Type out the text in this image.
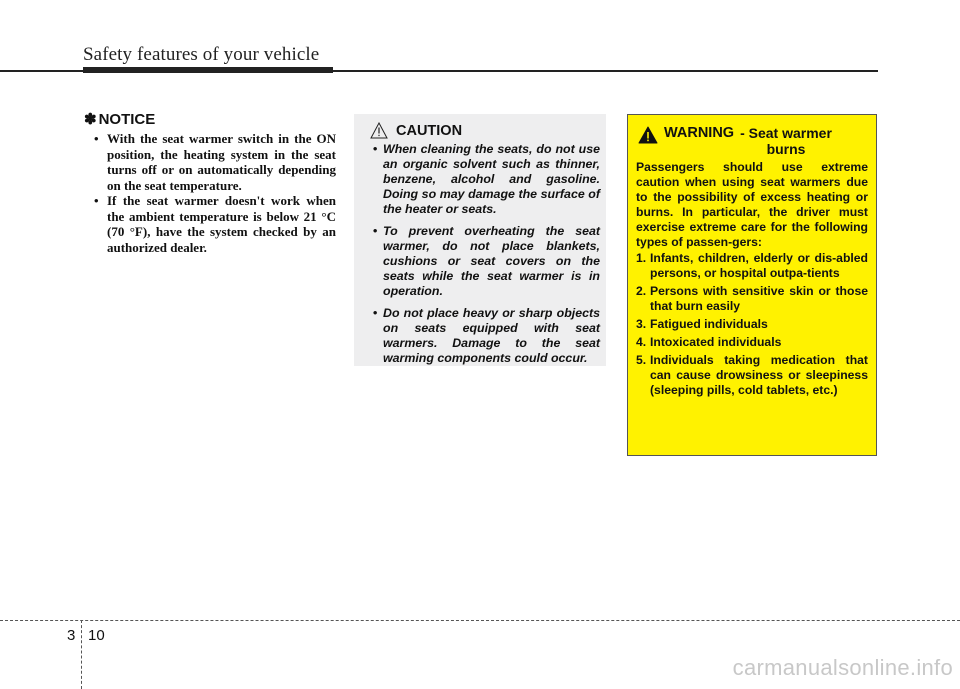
Safety features of your vehicle
✽ NOTICE
• With the seat warmer switch in the ON position, the heating system in the seat turns off or on automatically depending on the seat temperature.
• If the seat warmer doesn't work when the ambient temperature is below 21 °C (70 °F), have the system checked by an authorized dealer.
CAUTION
• When cleaning the seats, do not use an organic solvent such as thinner, benzene, alcohol and gasoline. Doing so may damage the surface of the heater or seats.
• To prevent overheating the seat warmer, do not place blankets, cushions or seat covers on the seats while the seat warmer is in operation.
• Do not place heavy or sharp objects on seats equipped with seat warmers. Damage to the seat warming components could occur.
WARNING - Seat warmer
burns

Passengers should use extreme caution when using seat warmers due to the possibility of excess heating or burns. In particular, the driver must exercise extreme care for the following types of passen-gers:

1. Infants, children, elderly or dis-abled persons, or hospital outpa-tients
2. Persons with sensitive skin or those that burn easily
3. Fatigued individuals
4. Intoxicated individuals
5. Individuals taking medication that can cause drowsiness or sleepiness (sleeping pills, cold tablets, etc.)
3 10
carmanualsonline.info
